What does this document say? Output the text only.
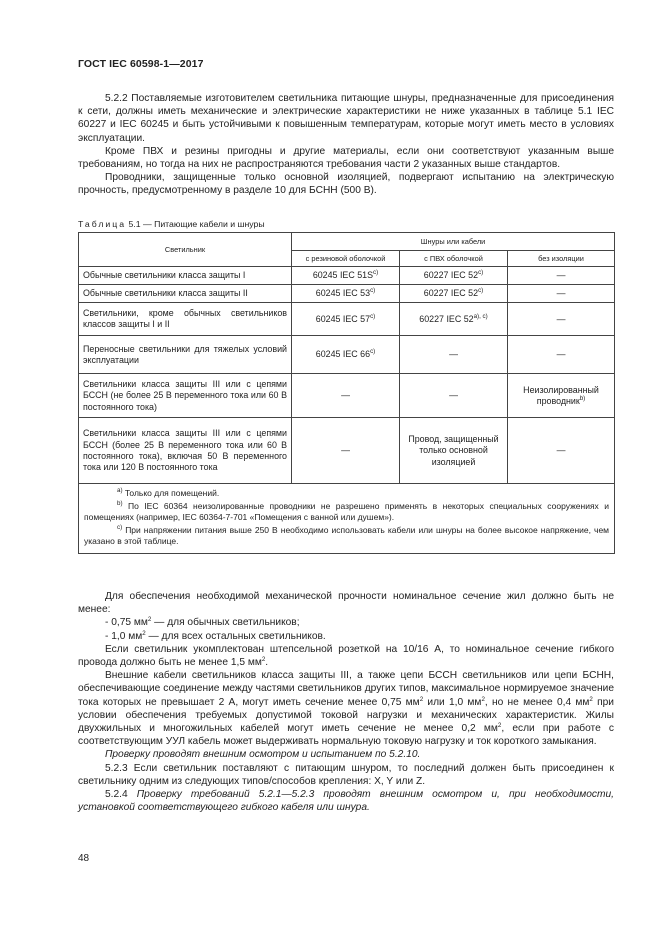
ГОСТ IEC 60598-1—2017

5.2.2 Поставляемые изготовителем светильника питающие шнуры, предназначенные для присоединения к сети, должны иметь механические и электрические характеристики не ниже указанных в таблице 5.1 IEC 60227 и IEC 60245 и быть устойчивыми к повышенным температурам, которые могут иметь место в условиях эксплуатации.

Кроме ПВХ и резины пригодны и другие материалы, если они соответствуют указанным выше требованиям, но тогда на них не распространяются требования части 2 указанных выше стандартов.

Проводники, защищенные только основной изоляцией, подвергают испытанию на электрическую прочность, предусмотренному в разделе 10 для БСНН (500 В).

Таблица 5.1 — Питающие кабели и шнуры
Светильник	Шнуры или кабели		
	с резиновой оболочкой	с ПВХ оболочкой	без изоляции
Обычные светильники класса защиты I	60245 IEC $51S^{c)}$	60227 IEC 52$^{c)}$	—
Обычные светильники класса защиты II	60245 IEC 53$^{c)}$	60227 IEC 52$^{c)}$	—
Светильники, кроме обычных светильников классов защиты I и II	60245 IEC 57$^{c)}$	60227 IEC $52^{a), c)}$	—
Переносные светильники для тяжелых условий эксплуатации	60245 IEC 66$^{c)}$	—	—
Светильники класса защиты III или с цепями БССН (не более 25 В переменного тока или 60 В постоянного тока)	—	—	Неизолированный проводник$^{b)}$
Светильники класса защиты III или с цепями БССН (более 25 В переменного тока или 60 В постоянного тока), включая 50 В переменного тока или 120 В постоянного тока	—	Провод, защищенный только основной изоляцией	—

$^{a)}$ Только для помещений.
$^{b)}$ По IEC 60364 неизолированные проводники не разрешено применять в некоторых специальных сооружениях и помещениях (например, IEC 60364-7-701 «Помещения с ванной или душем»).
$^{c)}$ При напряжении питания выше 250 В необходимо использовать кабели или шнуры на более высокое напряжение, чем указано в этой таблице.			

Для обеспечения необходимой механической прочности номинальное сечение жил должно быть не менее:

- 0,75 $мм^2$ — для обычных светильников;

- 1,0 $мм^2$ — для всех остальных светильников.

Если светильник укомплектован штепсельной розеткой на 10/16 А, то номинальное сечение гибкого провода должно быть не менее 1,5 $мм^2$.

Внешние кабели светильников класса защиты III, а также цепи БССН светильников или цепи БСНН, обеспечивающие соединение между частями светильников других типов, максимальное нормируемое значение тока которых не превышает 2 А, могут иметь сечение менее 0,75 $мм^2$ или 1,0 $мм^2$, но не менее 0,4 $мм^2$ при условии обеспечения требуемых допустимой токовой нагрузки и механических характеристик. Жилы двухжильных и многожильных кабелей могут иметь сечение не менее 0,2 $мм^2$, если при работе с соответствующим УУЛ кабель может выдерживать нормальную токовую нагрузку и ток короткого замыкания.

Проверку проводят внешним осмотром и испытанием по 5.2.10.

5.2.3 Если светильник поставляют с питающим шнуром, то последний должен быть присоединен к светильнику одним из следующих типов/способов крепления: X, Y или Z.

5.2.4 Проверку требований 5.2.1—5.2.3 проводят внешним осмотром и, при необходимости, установкой соответствующего гибкого кабеля или шнура.

48
